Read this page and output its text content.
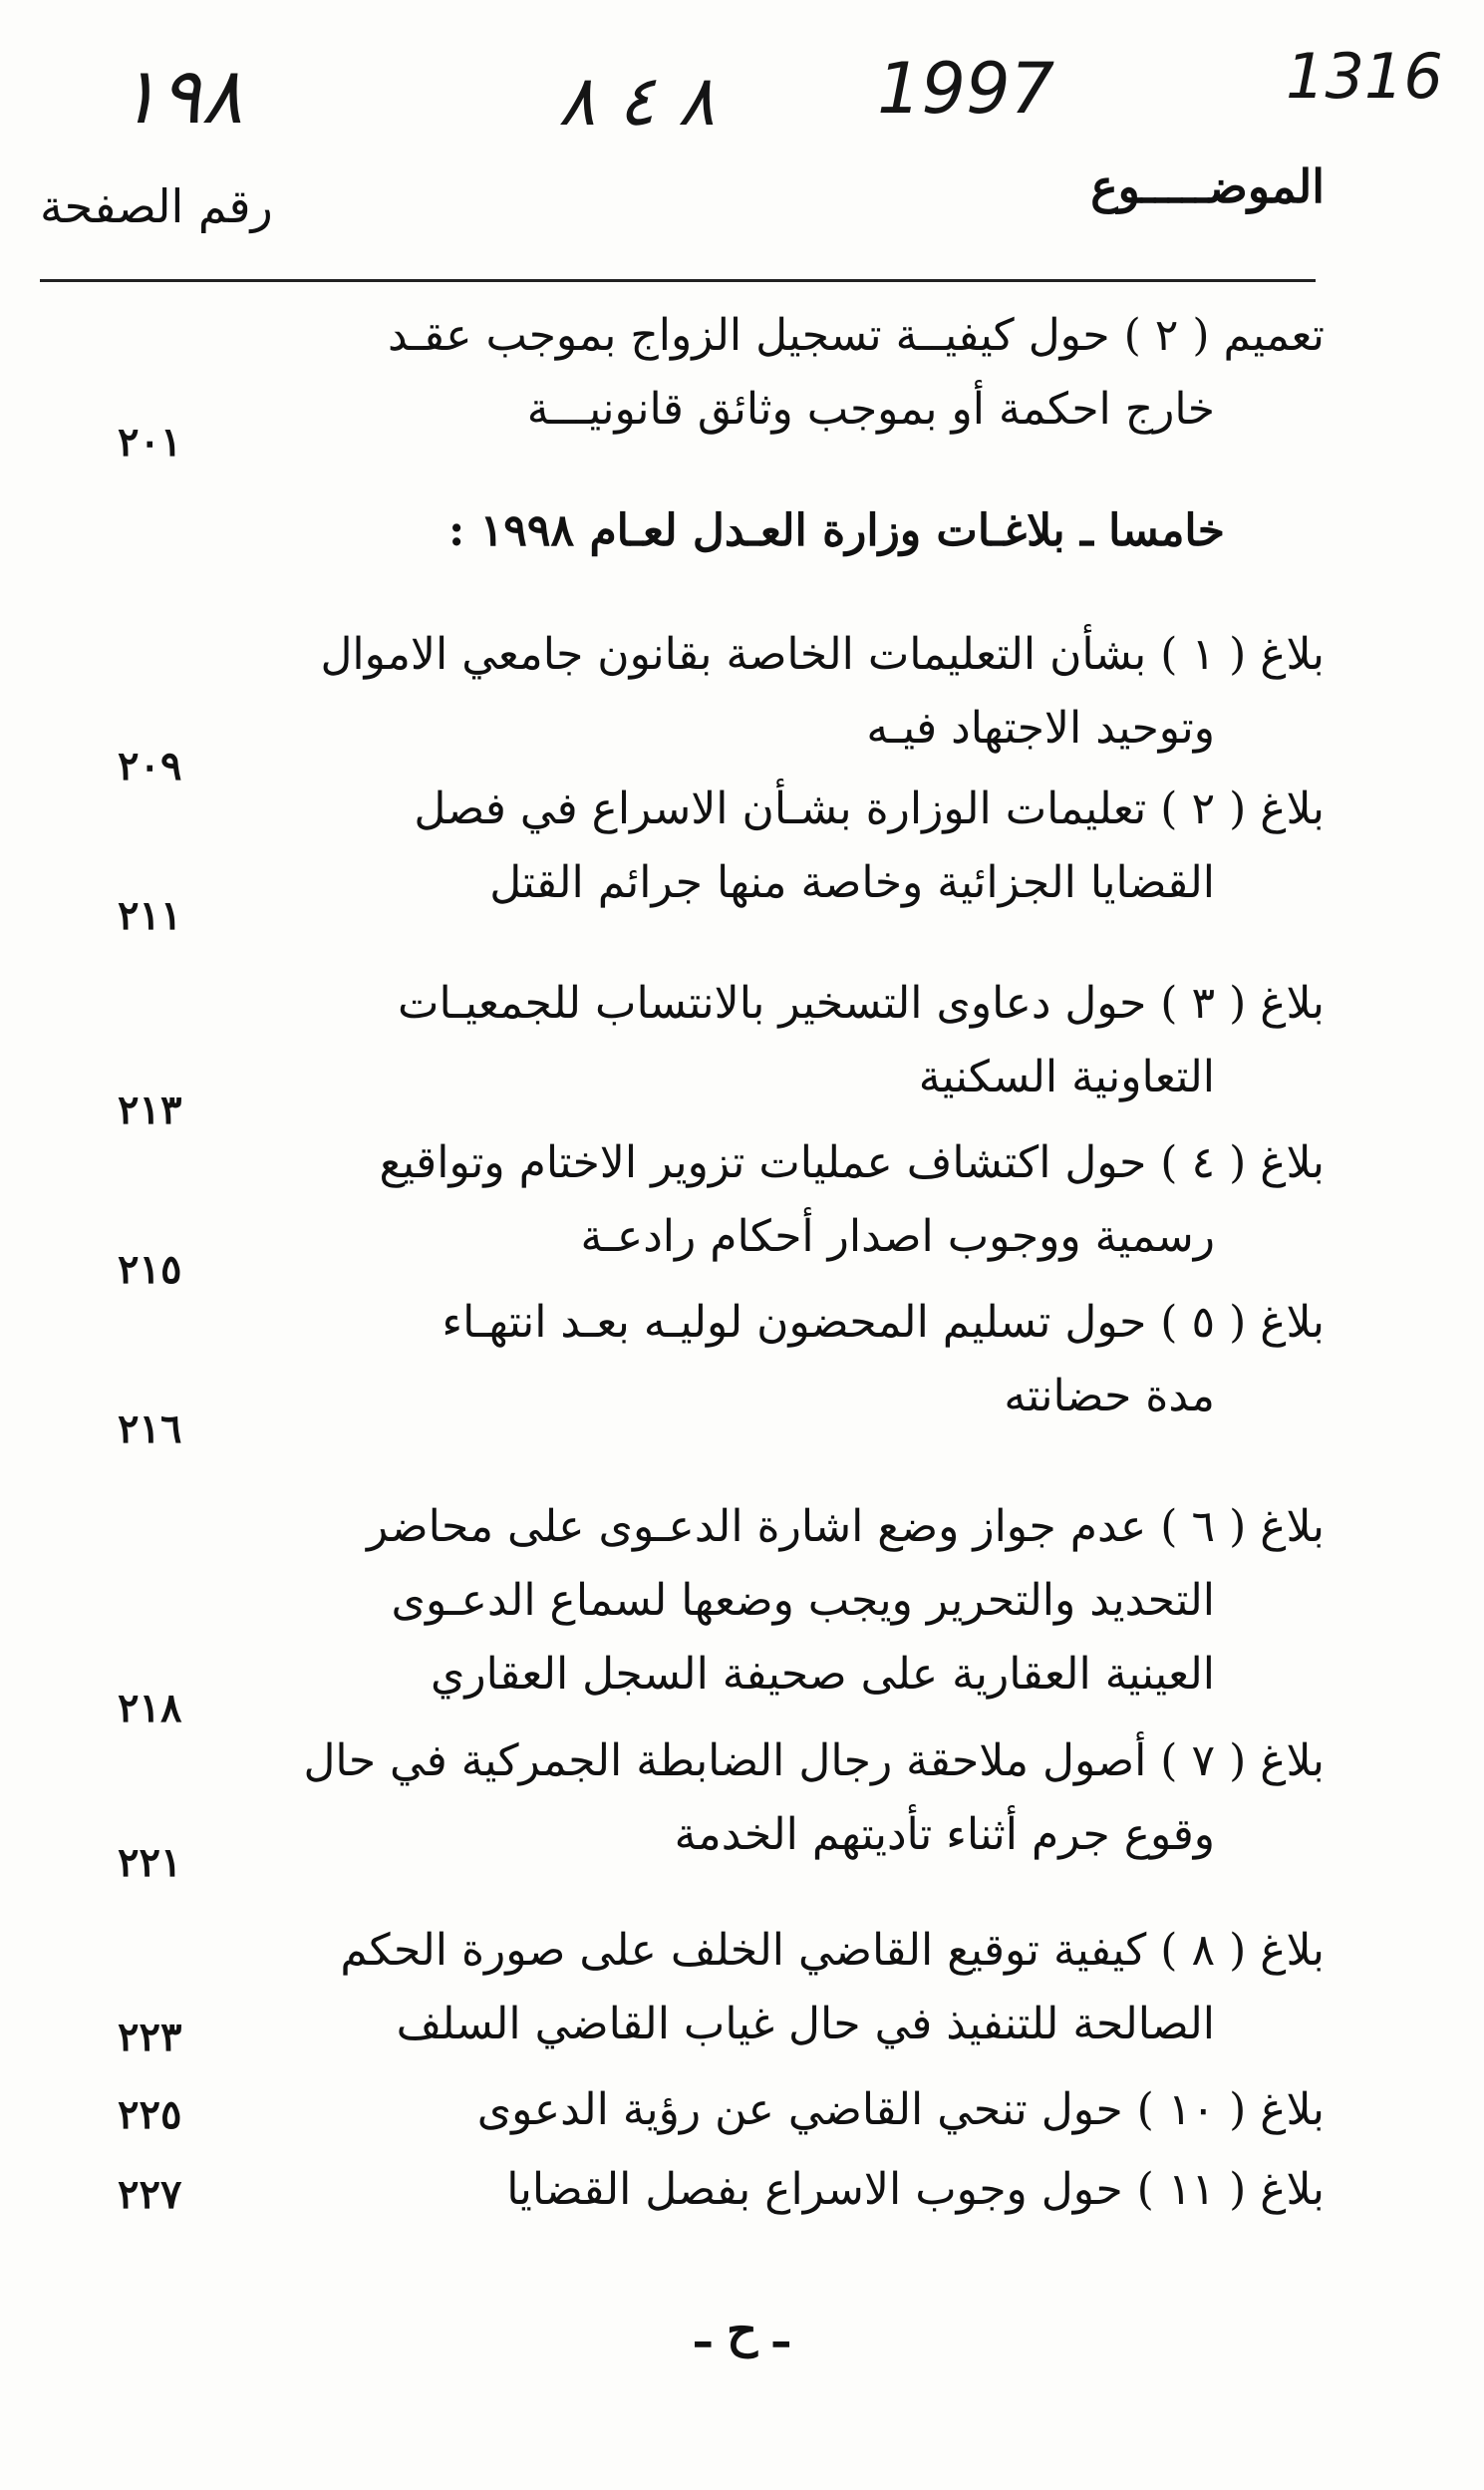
١٩٨	٨ ٤ ٨ 1997	1316
الموضـــــوع
رقم الصفحة
تعميم ( ٢ ) حول كيفيــة تسجيل الزواج بموجب عقـد
خارج احكمة أو بموجب وثائق قانونيـــة
٢٠١
خامسا ـ بلاغـات وزارة العـدل لعـام ١٩٩٨ :
بلاغ ( ١ ) بشأن التعليمات الخاصة بقانون جامعي الاموال
وتوحيد الاجتهاد فيـه
٢٠٩
بلاغ ( ٢ ) تعليمات الوزارة بشـأن الاسراع في فصل
القضايا الجزائية وخاصة منها جرائم القتل
٢١١
بلاغ ( ٣ ) حول دعاوى التسخير بالانتساب للجمعيـات
التعاونية السكنية
٢١٣
بلاغ ( ٤ ) حول اكتشاف عمليات تزوير الاختام وتواقيع
رسمية ووجوب اصدار أحكام رادعـة
٢١٥
بلاغ ( ٥ ) حول تسليم المحضون لوليـه بعـد انتهـاء
مدة حضانته
٢١٦
بلاغ ( ٦ ) عدم جواز وضع اشارة الدعـوى على محاضر
التحديد والتحرير ويجب وضعها لسماع الدعـوى
العينية العقارية على صحيفة السجل العقاري
٢١٨
بلاغ ( ٧ ) أصول ملاحقة رجال الضابطة الجمركية في حال
وقوع جرم أثناء تأديتهم الخدمة
٢٢١
بلاغ ( ٨ ) كيفية توقيع القاضي الخلف على صورة الحكم
الصالحة للتنفيذ في حال غياب القاضي السلف
٢٢٣
بلاغ ( ١٠ ) حول تنحي القاضي عن رؤية الدعوى
٢٢٥
بلاغ ( ١١ ) حول وجوب الاسراع بفصل القضايا
٢٢٧
ـ ح ـ
